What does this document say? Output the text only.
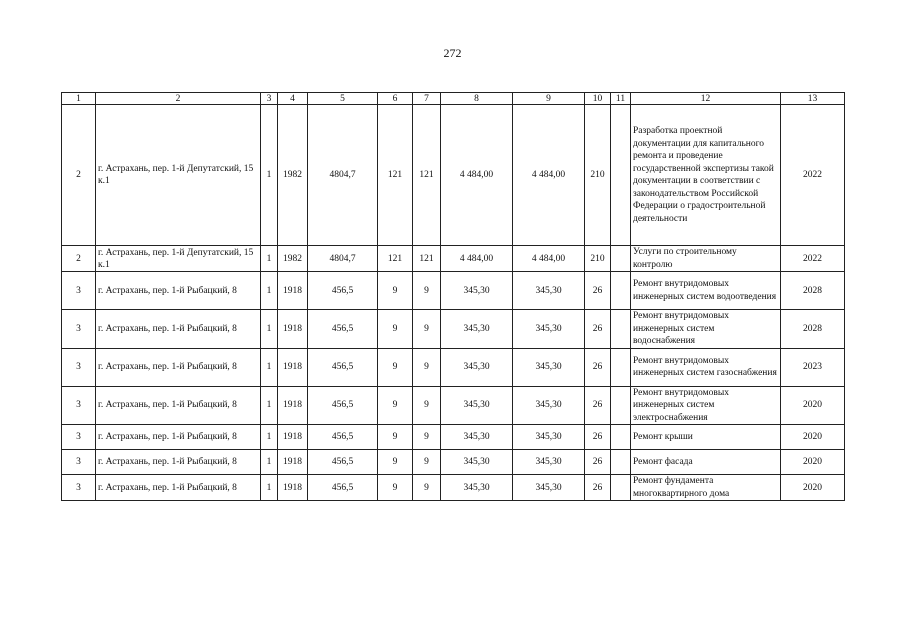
272
1	2	3	4	5	6	7	8	9	10	11	12	13
2	г. Астрахань, пер. 1-й Депутатский, 15 к.1	1	1982	4804,7	121	121	4 484,00	4 484,00	210		Разработка проектной документации для капитального ремонта и проведение государственной экспертизы такой документации в соответствии с законодательством Российской Федерации о градостроительной деятельности	2022
2	г. Астрахань, пер. 1-й Депутатский, 15 к.1	1	1982	4804,7	121	121	4 484,00	4 484,00	210		Услуги по строительному контролю	2022
3	г. Астрахань, пер. 1-й Рыбацкий, 8	1	1918	456,5	9	9	345,30	345,30	26		Ремонт внутридомовых инженерных систем водоотведения	2028
3	г. Астрахань, пер. 1-й Рыбацкий, 8	1	1918	456,5	9	9	345,30	345,30	26		Ремонт внутридомовых инженерных систем водоснабжения	2028
3	г. Астрахань, пер. 1-й Рыбацкий, 8	1	1918	456,5	9	9	345,30	345,30	26		Ремонт внутридомовых инженерных систем газоснабжения	2023
3	г. Астрахань, пер. 1-й Рыбацкий, 8	1	1918	456,5	9	9	345,30	345,30	26		Ремонт внутридомовых инженерных систем электроснабжения	2020
3	г. Астрахань, пер. 1-й Рыбацкий, 8	1	1918	456,5	9	9	345,30	345,30	26		Ремонт крыши	2020
3	г. Астрахань, пер. 1-й Рыбацкий, 8	1	1918	456,5	9	9	345,30	345,30	26		Ремонт фасада	2020
3	г. Астрахань, пер. 1-й Рыбацкий, 8	1	1918	456,5	9	9	345,30	345,30	26		Ремонт фундамента многоквартирного дома	2020
